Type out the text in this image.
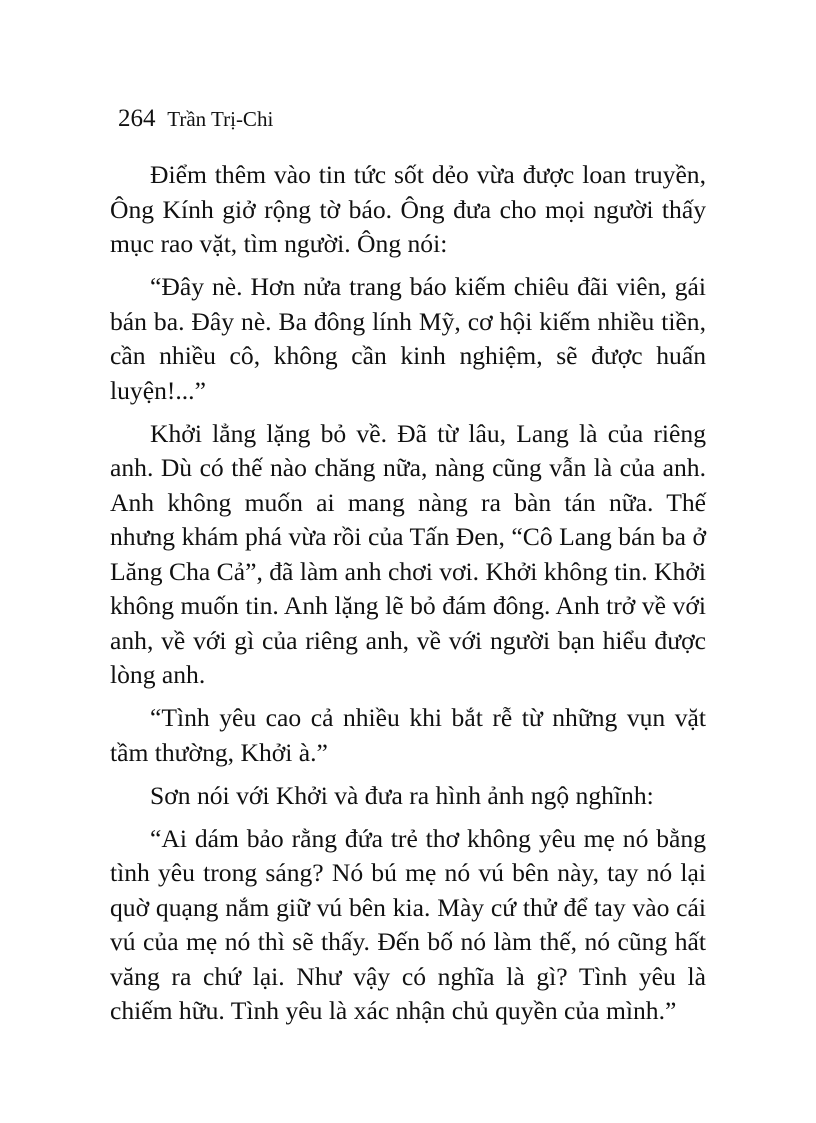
264 Trần Trị-Chi

Điểm thêm vào tin tức sốt dẻo vừa được loan truyền, Ông Kính giở rộng tờ báo. Ông đưa cho mọi người thấy mục rao vặt, tìm người. Ông nói:

“Đây nè. Hơn nửa trang báo kiếm chiêu đãi viên, gái bán ba. Đây nè. Ba đông lính Mỹ, cơ hội kiếm nhiều tiền, cần nhiều cô, không cần kinh nghiệm, sẽ được huấn luyện!...”

Khởi lẳng lặng bỏ về. Đã từ lâu, Lang là của riêng anh. Dù có thế nào chăng nữa, nàng cũng vẫn là của anh. Anh không muốn ai mang nàng ra bàn tán nữa. Thế nhưng khám phá vừa rồi của Tấn Đen, “Cô Lang bán ba ở Lăng Cha Cả”, đã làm anh chơi vơi. Khởi không tin. Khởi không muốn tin. Anh lặng lẽ bỏ đám đông. Anh trở về với anh, về với gì của riêng anh, về với người bạn hiểu được lòng anh.

“Tình yêu cao cả nhiều khi bắt rễ từ những vụn vặt tầm thường, Khởi à.”

Sơn nói với Khởi và đưa ra hình ảnh ngộ nghĩnh:

“Ai dám bảo rằng đứa trẻ thơ không yêu mẹ nó bằng tình yêu trong sáng? Nó bú mẹ nó vú bên này, tay nó lại quờ quạng nắm giữ vú bên kia. Mày cứ thử để tay vào cái vú của mẹ nó thì sẽ thấy. Đến bố nó làm thế, nó cũng hất văng ra chứ lại. Như vậy có nghĩa là gì? Tình yêu là chiếm hữu. Tình yêu là xác nhận chủ quyền của mình.”
